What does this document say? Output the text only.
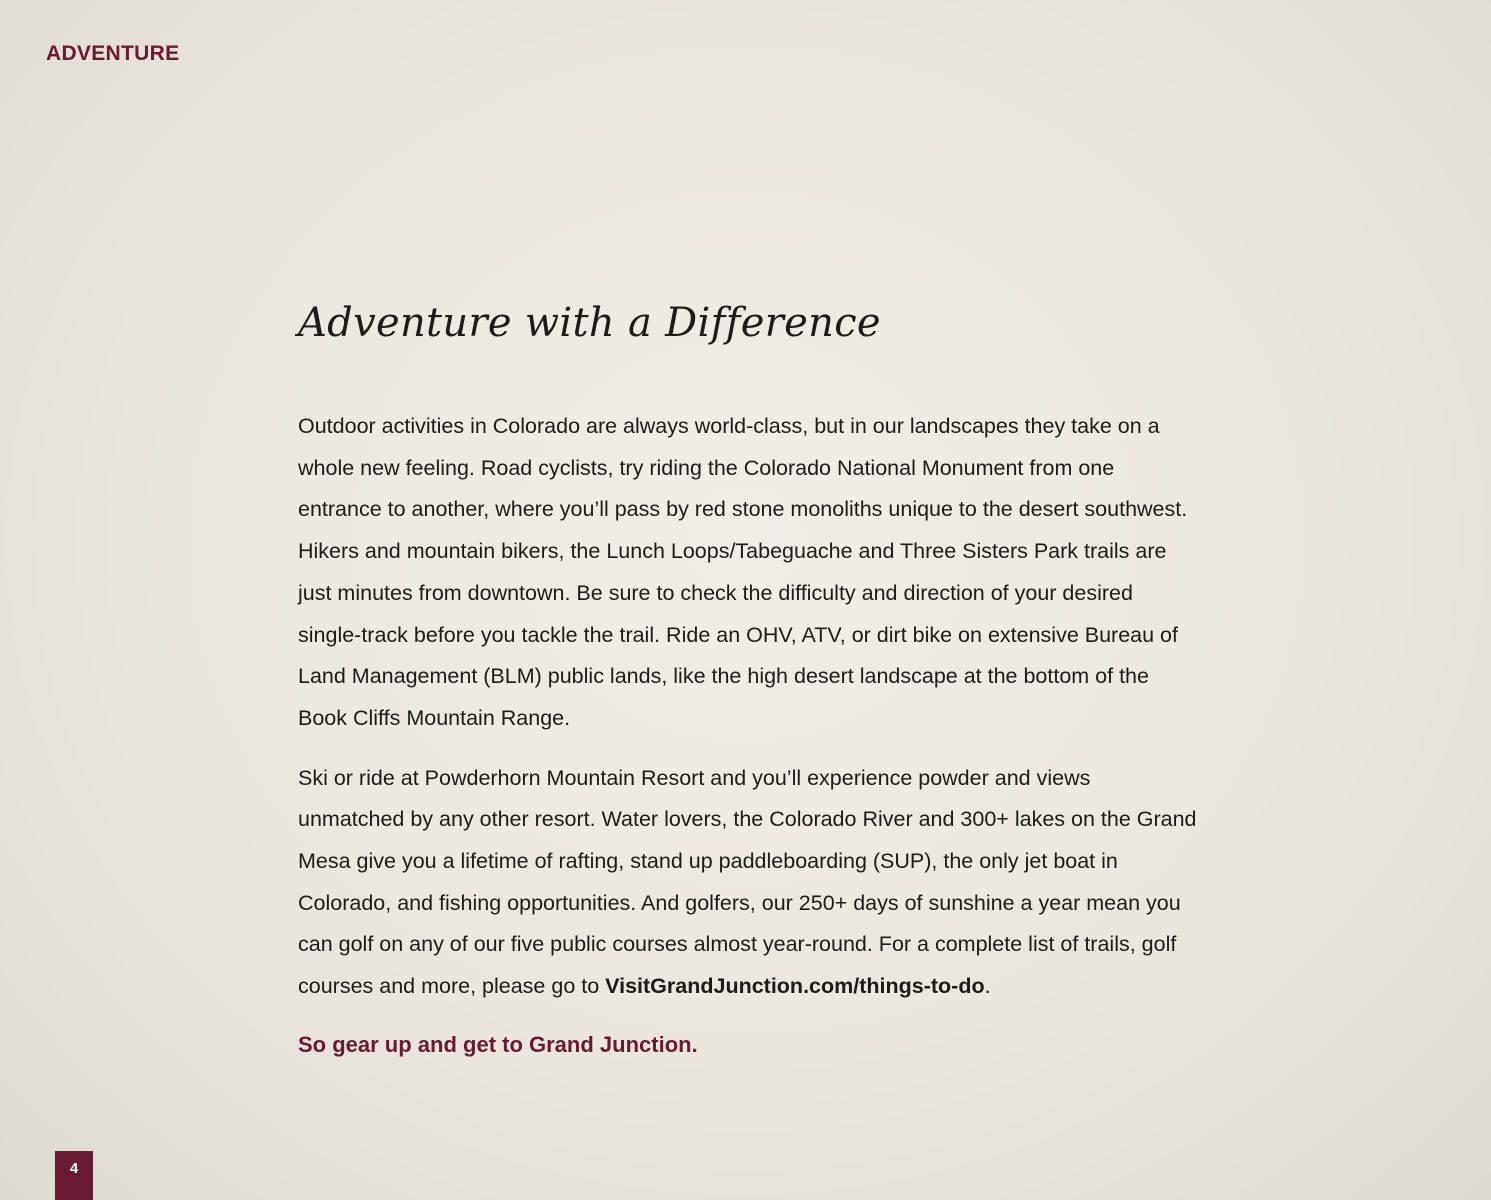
ADVENTURE
Adventure with a Difference

Outdoor activities in Colorado are always world-class, but in our landscapes they take on a whole new feeling. Road cyclists, try riding the Colorado National Monument from one entrance to another, where you’ll pass by red stone monoliths unique to the desert southwest. Hikers and mountain bikers, the Lunch Loops/Tabeguache and Three Sisters Park trails are just minutes from downtown. Be sure to check the difficulty and direction of your desired single-track before you tackle the trail. Ride an OHV, ATV, or dirt bike on extensive Bureau of Land Management (BLM) public lands, like the high desert landscape at the bottom of the Book Cliffs Mountain Range.

Ski or ride at Powderhorn Mountain Resort and you’ll experience powder and views unmatched by any other resort. Water lovers, the Colorado River and 300+ lakes on the Grand Mesa give you a lifetime of rafting, stand up paddleboarding (SUP), the only jet boat in Colorado, and fishing opportunities. And golfers, our 250+ days of sunshine a year mean you can golf on any of our five public courses almost year-round. For a complete list of trails, golf courses and more, please go to VisitGrandJunction.com/things-to-do.

So gear up and get to Grand Junction.

4
